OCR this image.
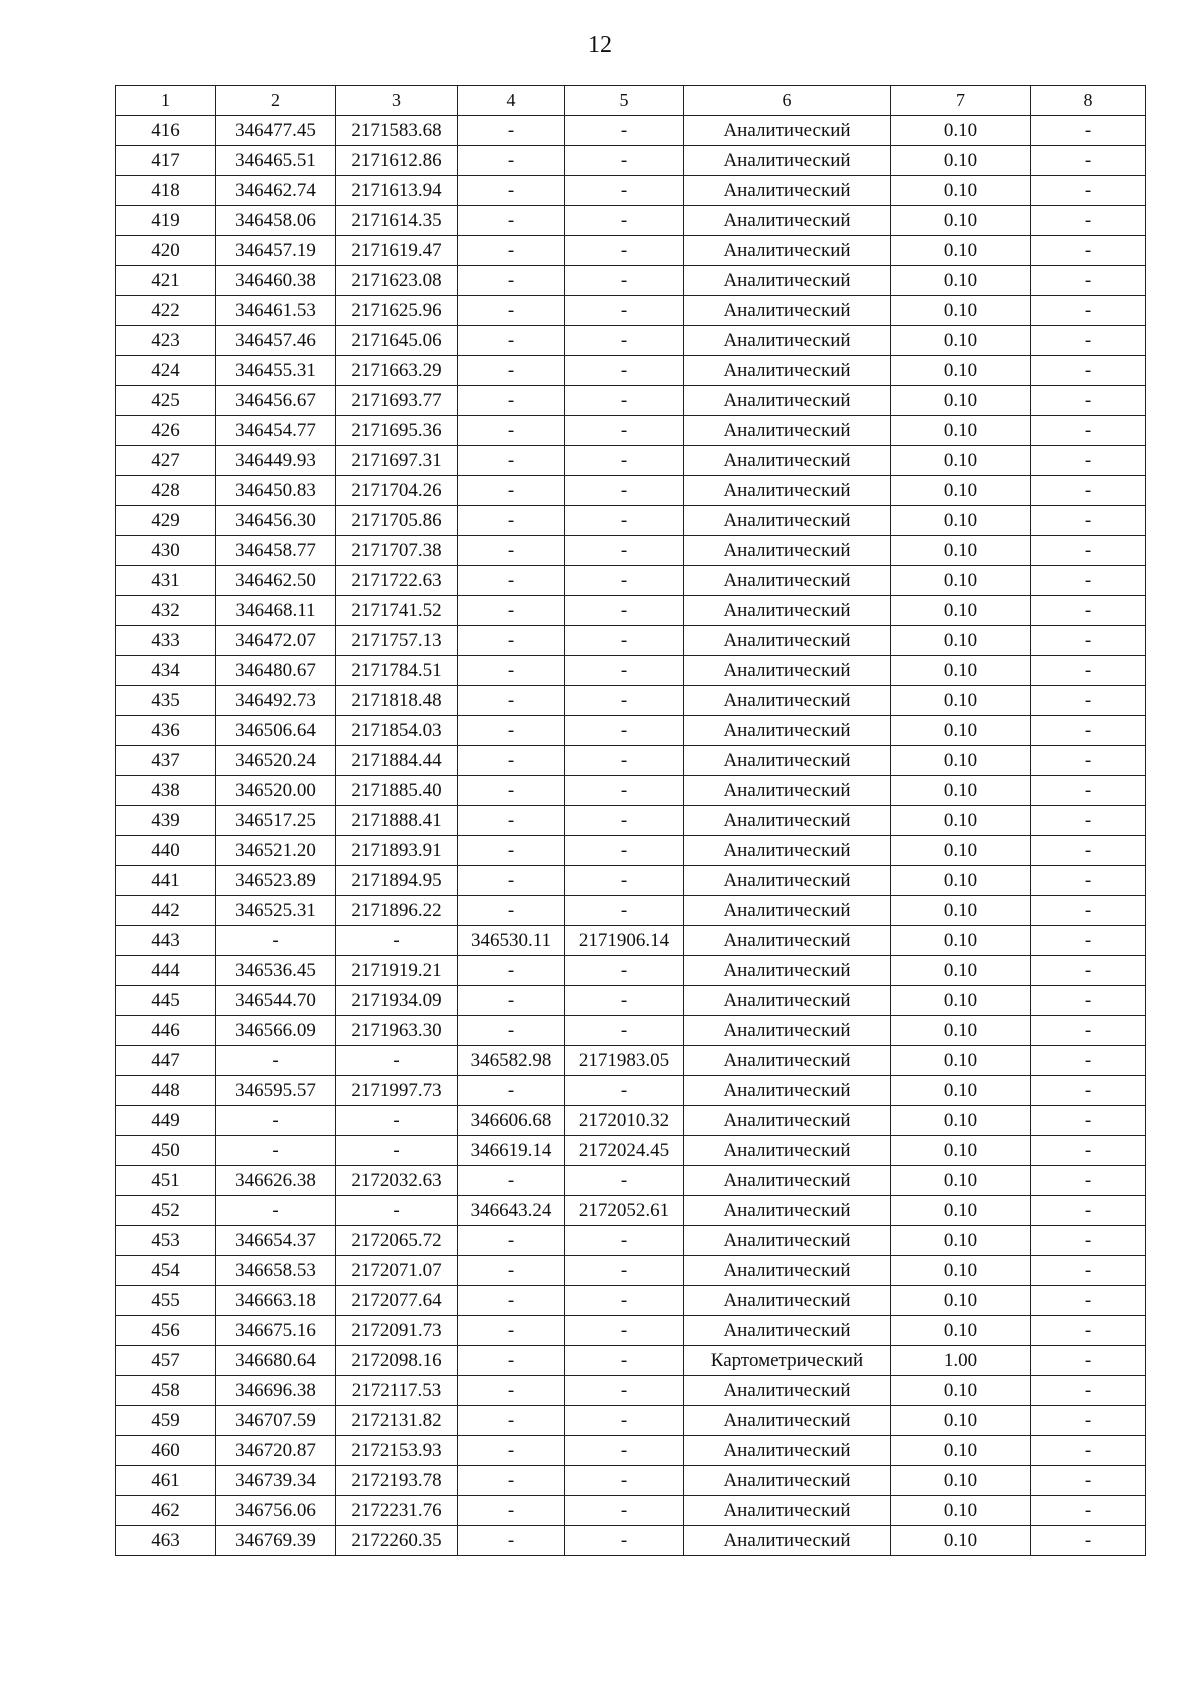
12
1	2	3	4	5	6	7	8
416	346477.45	2171583.68	-	-	Аналитический	0.10	-
417	346465.51	2171612.86	-	-	Аналитический	0.10	-
418	346462.74	2171613.94	-	-	Аналитический	0.10	-
419	346458.06	2171614.35	-	-	Аналитический	0.10	-
420	346457.19	2171619.47	-	-	Аналитический	0.10	-
421	346460.38	2171623.08	-	-	Аналитический	0.10	-
422	346461.53	2171625.96	-	-	Аналитический	0.10	-
423	346457.46	2171645.06	-	-	Аналитический	0.10	-
424	346455.31	2171663.29	-	-	Аналитический	0.10	-
425	346456.67	2171693.77	-	-	Аналитический	0.10	-
426	346454.77	2171695.36	-	-	Аналитический	0.10	-
427	346449.93	2171697.31	-	-	Аналитический	0.10	-
428	346450.83	2171704.26	-	-	Аналитический	0.10	-
429	346456.30	2171705.86	-	-	Аналитический	0.10	-
430	346458.77	2171707.38	-	-	Аналитический	0.10	-
431	346462.50	2171722.63	-	-	Аналитический	0.10	-
432	346468.11	2171741.52	-	-	Аналитический	0.10	-
433	346472.07	2171757.13	-	-	Аналитический	0.10	-
434	346480.67	2171784.51	-	-	Аналитический	0.10	-
435	346492.73	2171818.48	-	-	Аналитический	0.10	-
436	346506.64	2171854.03	-	-	Аналитический	0.10	-
437	346520.24	2171884.44	-	-	Аналитический	0.10	-
438	346520.00	2171885.40	-	-	Аналитический	0.10	-
439	346517.25	2171888.41	-	-	Аналитический	0.10	-
440	346521.20	2171893.91	-	-	Аналитический	0.10	-
441	346523.89	2171894.95	-	-	Аналитический	0.10	-
442	346525.31	2171896.22	-	-	Аналитический	0.10	-
443	-	-	346530.11	2171906.14	Аналитический	0.10	-
444	346536.45	2171919.21	-	-	Аналитический	0.10	-
445	346544.70	2171934.09	-	-	Аналитический	0.10	-
446	346566.09	2171963.30	-	-	Аналитический	0.10	-
447	-	-	346582.98	2171983.05	Аналитический	0.10	-
448	346595.57	2171997.73	-	-	Аналитический	0.10	-
449	-	-	346606.68	2172010.32	Аналитический	0.10	-
450	-	-	346619.14	2172024.45	Аналитический	0.10	-
451	346626.38	2172032.63	-	-	Аналитический	0.10	-
452	-	-	346643.24	2172052.61	Аналитический	0.10	-
453	346654.37	2172065.72	-	-	Аналитический	0.10	-
454	346658.53	2172071.07	-	-	Аналитический	0.10	-
455	346663.18	2172077.64	-	-	Аналитический	0.10	-
456	346675.16	2172091.73	-	-	Аналитический	0.10	-
457	346680.64	2172098.16	-	-	Картометрический	1.00	-
458	346696.38	2172117.53	-	-	Аналитический	0.10	-
459	346707.59	2172131.82	-	-	Аналитический	0.10	-
460	346720.87	2172153.93	-	-	Аналитический	0.10	-
461	346739.34	2172193.78	-	-	Аналитический	0.10	-
462	346756.06	2172231.76	-	-	Аналитический	0.10	-
463	346769.39	2172260.35	-	-	Аналитический	0.10	-
